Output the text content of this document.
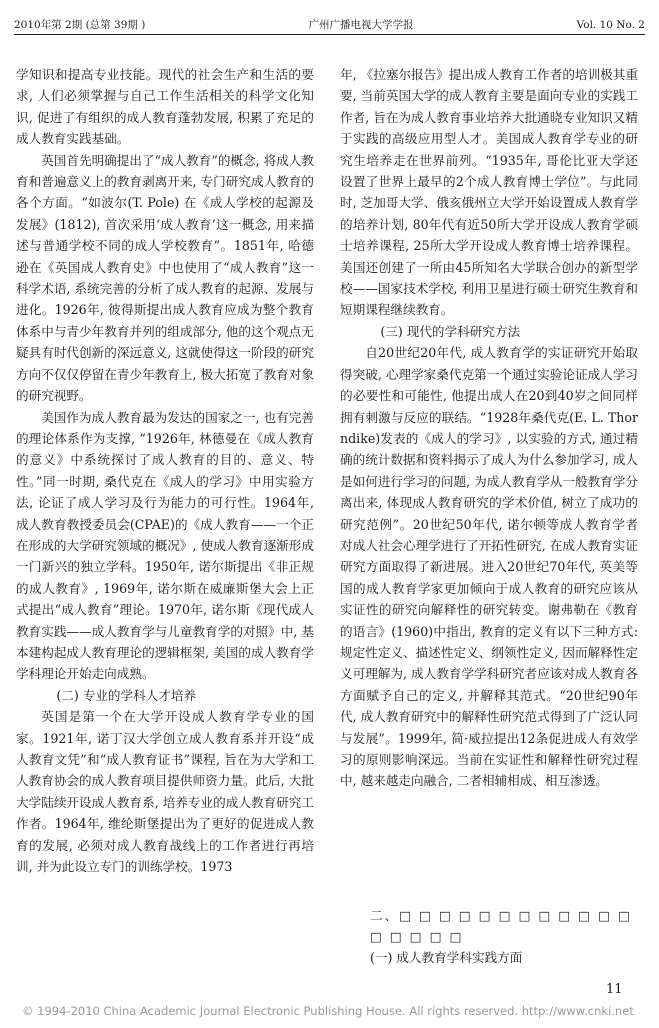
2010年第 2期 (总第 39期 )	广州广播电视大学学报	Vol. 10 No. 2

学知识和提高专业技能。现代的社会生产和生活的要求, 人们必须掌握与自己工作生活相关的科学文化知识, 促进了有组织的成人教育蓬勃发展, 积累了充足的成人教育实践基础。

英国首先明确提出了“成人教育”的概念, 将成人教育和普遍意义上的教育剥离开来, 专门研究成人教育的各个方面。“如波尔(T. Pole) 在《成人学校的起源及发展》(1812), 首次采用‘成人教育’这一概念, 用来描述与普通学校不同的成人学校教育”。1851年, 哈德逊在《英国成人教育史》中也使用了“成人教育”这一科学术语, 系统完善的分析了成人教育的起源、发展与进化。1926年, 彼得斯提出成人教育应成为整个教育体系中与青少年教育并列的组成部分, 他的这个观点无疑具有时代创新的深远意义, 这就使得这一阶段的研究方向不仅仅停留在青少年教育上, 极大拓宽了教育对象的研究视野。

美国作为成人教育最为发达的国家之一, 也有完善的理论体系作为支撑, “1926年, 林德曼在《成人教育的意义》中系统探讨了成人教育的目的、意义、特性。”同一时期, 桑代克在《成人的学习》中用实验方法, 论证了成人学习及行为能力的可行性。1964年, 成人教育教授委员会(CPAE)的《成人教育——一个正在形成的大学研究领域的概况》, 使成人教育逐渐形成一门新兴的独立学科。1950年, 诺尔斯提出《非正规的成人教育》, 1969年, 诺尔斯在威廉斯堡大会上正式提出“成人教育”理论。1970年, 诺尔斯《现代成人教育实践——成人教育学与儿童教育学的对照》中, 基本建构起成人教育理论的逻辑框架, 美国的成人教育学学科理论开始走向成熟。

(二) 专业的学科人才培养

英国是第一个在大学开设成人教育学专业的国家。1921年, 诺丁汉大学创立成人教育系并开设“成人教育文凭”和“成人教育证书”课程, 旨在为大学和工人教育协会的成人教育项目提供师资力量。此后, 大批大学陆续开设成人教育系, 培养专业的成人教育研究工作者。1964年, 维纶斯堡提出为了更好的促进成人教育的发展, 必须对成人教育战线上的工作者进行再培训, 并为此设立专门的训练学校。1973

年, 《拉塞尔报告》提出成人教育工作者的培训极其重要, 当前英国大学的成人教育主要是面向专业的实践工作者, 旨在为成人教育事业培养大批通晓专业知识又精于实践的高级应用型人才。美国成人教育学专业的研究生培养走在世界前列。“1935年, 哥伦比亚大学还设置了世界上最早的2个成人教育博士学位”。与此同时, 芝加哥大学、俄亥俄州立大学开始设置成人教育学的培养计划, 80年代有近50所大学开设成人教育学硕士培养课程, 25所大学开设成人教育博士培养课程。美国还创建了一所由45所知名大学联合创办的新型学校——国家技术学校, 利用卫星进行硕士研究生教育和短期课程继续教育。

(三) 现代的学科研究方法

自20世纪20年代, 成人教育学的实证研究开始取得突破, 心理学家桑代克第一个通过实验论证成人学习的必要性和可能性, 他提出成人在20到40岁之间同样拥有刺激与反应的联结。“1928年桑代克(E. L. Thorndike)发表的《成人的学习》, 以实验的方式, 通过精确的统计数据和资料揭示了成人为什么参加学习, 成人是如何进行学习的问题, 为成人教育学从一般教育学分离出来, 体现成人教育研究的学术价值, 树立了成功的研究范例”。20世纪50年代, 诺尔顿等成人教育学者对成人社会心理学进行了开拓性研究, 在成人教育实证研究方面取得了新进展。进入20世纪70年代, 英美等国的成人教育学家更加倾向于成人教育的研究应该从实证性的研究向解释性的研究转变。谢弗勒在《教育的语言》(1960)中指出, 教育的定义有以下三种方式: 规定性定义、描述性定义、纲领性定义, 因而解释性定义可理解为, 成人教育学学科研究者应该对成人教育各方面赋予自己的定义, 并解释其范式。“20世纪90年代, 成人教育研究中的解释性研究范式得到了广泛认同与发展”。1999年, 简·威拉提出12条促进成人有效学习的原则影响深远。当前在实证性和解释性研究过程中, 越来越走向融合, 二者相辅相成、相互渗透。

二、□ □ □ □ □ □ □ □ □ □ □ □ □ □ □ □ □
(一) 成人教育学科实践方面
11
© 1994-2010 China Academic Journal Electronic Publishing House. All rights reserved. http://www.cnki.net
